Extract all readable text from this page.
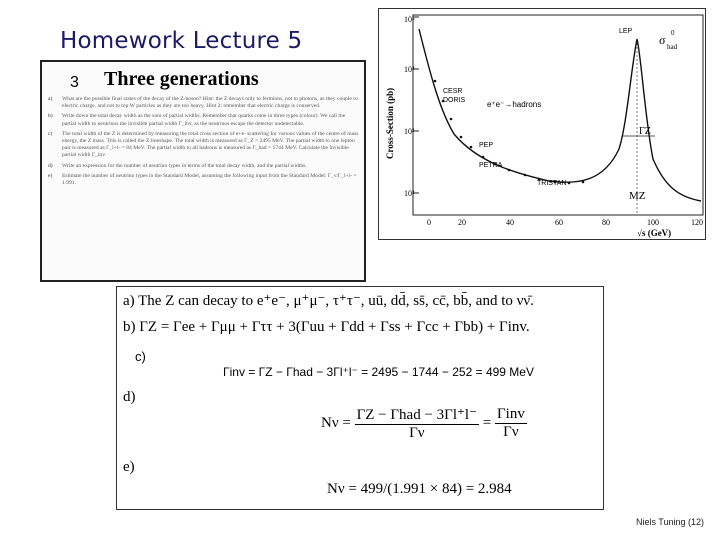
Homework Lecture 5
3 Three generations
a)	What are the possible final states of the decay of the Z-boson? Hint: the Z decays only to fermions, not to photons, as they couple to electric charge, and not to top W particles as they are too heavy. Hint 2: remember that electric charge is conserved.
b)	Write down the total decay width as the sum of partial widths. Remember that quarks come in three types (colour). We call the partial width to neutrinos the invisible partial width Γ_inv, as the neutrinos escape the detector undetectable.
c)	The total width of the Z is determined by measuring the total cross section of e+e- scattering for various values of the centre of mass energy, the Z mass. This is called the Z lineshape. The total width is measured as Γ_Z = 2495 MeV. The partial width to one lepton pair is measured as Γ_l+l- = 84 MeV. The partial width to all hadrons is measured as Γ_had = 1744 MeV. Calculate the invisible partial width Γ_inv.
d)	Write an expression for the number of neutrino types in terms of the total decay width, and the partial widths.
e)	Estimate the number of neutrino types in the Standard Model, assuming the following input from the Standard Model: Γ_ν/Γ_l+l- = 1.991.
Cross-Section (pb)
10⁵
10⁴
10³
10²
0	20	40	60	80	100	120
√s (GeV)
LEP
σ 0
had
e⁺e⁻→hadrons
CESR
DORIS
ΓZ
PEP
PETRA
TRISTAN
MZ
a) The Z can decay to e⁺e⁻, μ⁺μ⁻, τ⁺τ⁻, uū, dd̄, ss̄, cc̄, bb̄, and to νν̄.
b) ΓZ = Γee + Γμμ + Γττ + 3(Γuu + Γdd + Γss + Γcc + Γbb) + Γinv.
c)
Γinv = ΓZ − Γhad − 3Γl⁺l⁻ = 2495 − 1744 − 252 = 499 MeV
d)
$N\nu = \frac{\text{ΓZ − Γhad − 3Γl⁺l⁻}}{\Gamma\nu} = \frac{\text{Γinv}}{\Gamma\nu}$
e)
Nν = 499/(1.991 × 84) = 2.984
Niels Tuning (12)
